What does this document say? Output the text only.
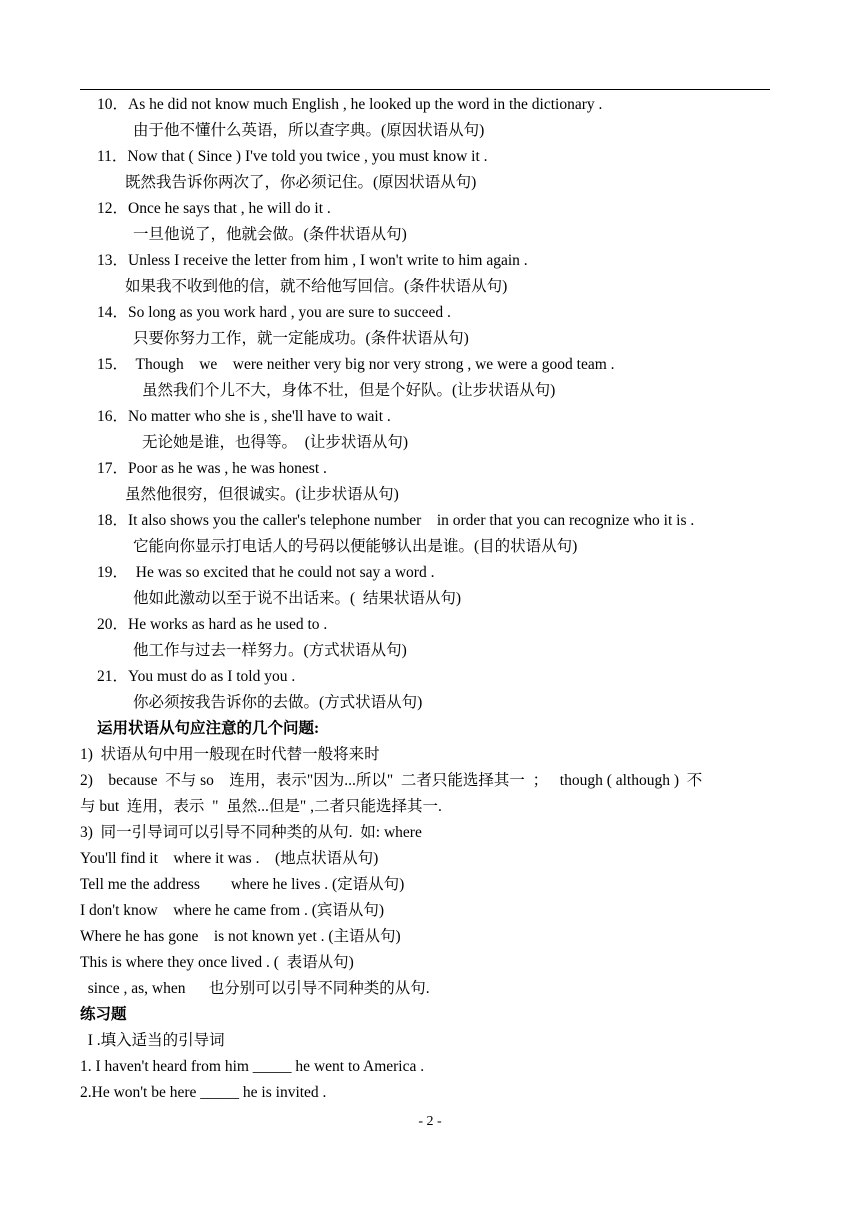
10．As he did not know much English , he looked up the word in the dictionary .
由于他不懂什么英语，所以查字典。(原因状语从句)
11．Now that ( Since ) I've told you twice , you must know it .
既然我告诉你两次了，你必须记住。(原因状语从句)
12．Once he says that , he will do it .
一旦他说了，他就会做。(条件状语从句)
13．Unless I receive the letter from him , I won't write to him again .
如果我不收到他的信，就不给他写回信。(条件状语从句)
14．So long as you work hard , you are sure to succeed .
只要你努力工作，就一定能成功。(条件状语从句)
15．  Though    we    were neither very big nor very strong , we were a good team .
虽然我们个儿不大，身体不壮，但是个好队。(让步状语从句)
16．No matter who she is , she'll have to wait .
无论她是谁，也得等。  (让步状语从句)
17．Poor as he was , he was honest .
虽然他很穷，但很诚实。(让步状语从句)
18．It also shows you the caller's telephone number    in order that you can recognize who it is .
它能向你显示打电话人的号码以便能够认出是谁。(目的状语从句)
19．  He was so excited that he could not say a word .
他如此激动以至于说不出话来。(  结果状语从句)
20．He works as hard as he used to .
他工作与过去一样努力。(方式状语从句)
21．You must do as I told you .
你必须按我告诉你的去做。(方式状语从句)
运用状语从句应注意的几个问题:
1)  状语从句中用一般现在时代替一般将来时
2)    because  不与 so    连用，表示"因为...所以"  二者只能选择其一  ；   though ( although )  不
与 but  连用，表示  "  虽然...但是" ,二者只能选择其一.
3)  同一引导词可以引导不同种类的从句.  如: where
You'll find it    where it was .    (地点状语从句)
Tell me the address        where he lives . (定语从句)
I don't know    where he came from . (宾语从句)
Where he has gone    is not known yet . (主语从句)
This is where they once lived . (  表语从句)
since , as, when      也分别可以引导不同种类的从句.
练习题
I .填入适当的引导词
1. I haven't heard from him _____ he went to America .
2.He won't be here _____ he is invited .
- 2 -
